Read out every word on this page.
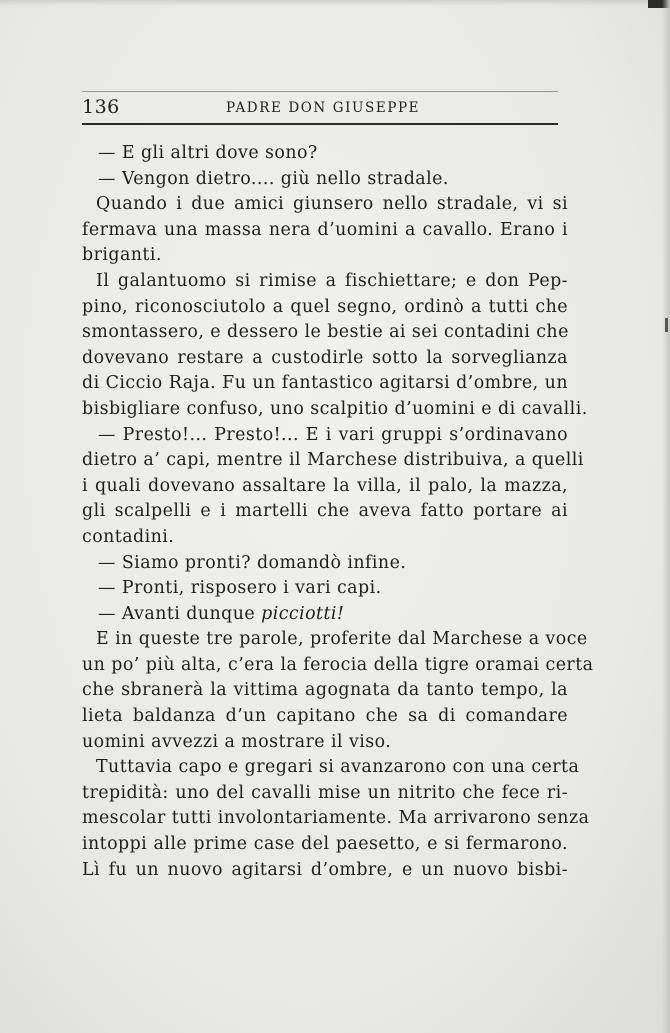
136	PADRE DON GIUSEPPE
— E gli altri dove sono?
— Vengon dietro.... giù nello stradale.
Quando i due amici giunsero nello stradale, vi si
fermava una massa nera d’uomini a cavallo. Erano i
briganti.
Il galantuomo si rimise a fischiettare; e don Pep-
pino, riconosciutolo a quel segno, ordinò a tutti che
smontassero, e dessero le bestie ai sei contadini che
dovevano restare a custodirle sotto la sorveglianza
di Ciccio Raja. Fu un fantastico agitarsi d’ombre, un
bisbigliare confuso, uno scalpitio d’uomini e di cavalli.
— Presto!... Presto!... E i vari gruppi s’ordinavano
dietro a’ capi, mentre il Marchese distribuiva, a quelli
i quali dovevano assaltare la villa, il palo, la mazza,
gli scalpelli e i martelli che aveva fatto portare ai
contadini.
— Siamo pronti? domandò infine.
— Pronti, risposero i vari capi.
— Avanti dunque picciotti!
E in queste tre parole, proferite dal Marchese a voce
un po’ più alta, c’era la ferocia della tigre oramai certa
che sbranerà la vittima agognata da tanto tempo, la
lieta baldanza d’un capitano che sa di comandare
uomini avvezzi a mostrare il viso.
Tuttavia capo e gregari si avanzarono con una certa
trepidità: uno del cavalli mise un nitrito che fece ri-
mescolar tutti involontariamente. Ma arrivarono senza
intoppi alle prime case del paesetto, e si fermarono.
Lì fu un nuovo agitarsi d’ombre, e un nuovo bisbi-
